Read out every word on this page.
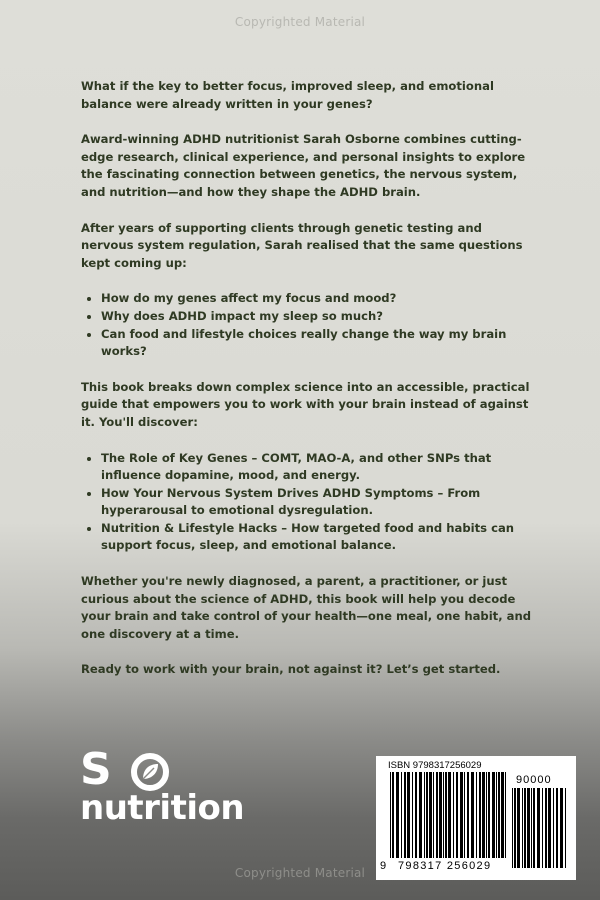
Copyrighted Material

What if the key to better focus, improved sleep, and emotional balance were already written in your genes?

Award-winning ADHD nutritionist Sarah Osborne combines cutting-edge research, clinical experience, and personal insights to explore the fascinating connection between genetics, the nervous system, and nutrition—and how they shape the ADHD brain.

After years of supporting clients through genetic testing and nervous system regulation, Sarah realised that the same questions kept coming up:

• How do my genes affect my focus and mood?
• Why does ADHD impact my sleep so much?
• Can food and lifestyle choices really change the way my brain works?

This book breaks down complex science into an accessible, practical guide that empowers you to work with your brain instead of against it. You'll discover:

• The Role of Key Genes – COMT, MAO-A, and other SNPs that influence dopamine, mood, and energy.
• How Your Nervous System Drives ADHD Symptoms – From hyperarousal to emotional dysregulation.
• Nutrition & Lifestyle Hacks – How targeted food and habits can support focus, sleep, and emotional balance.

Whether you're newly diagnosed, a parent, a practitioner, or just curious about the science of ADHD, this book will help you decode your brain and take control of your health—one meal, one habit, and one discovery at a time.

Ready to work with your brain, not against it? Let’s get started.

S
nutrition
ISBN 9798317256029
90000
9 798317 256029
Copyrighted Material
